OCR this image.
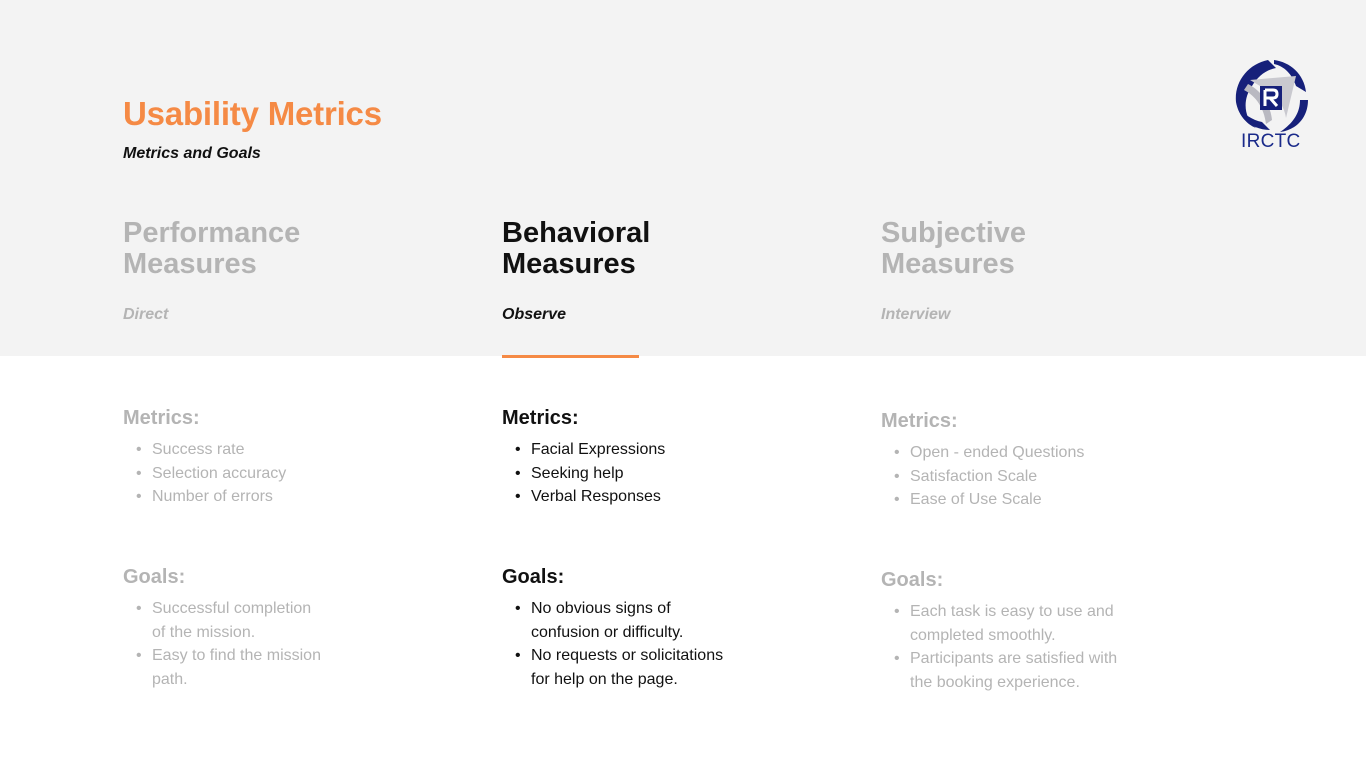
Usability Metrics
Metrics and Goals
IRCTC
Performance
Measures
Direct
Behavioral
Measures
Observe
Subjective
Measures
Interview
Metrics:
• Success rate
• Selection accuracy
• Number of errors
Goals:
• Successful completion
of the mission.
• Easy to find the mission
path.
Metrics:
• Facial Expressions
• Seeking help
• Verbal Responses
Goals:
• No obvious signs of
confusion or difficulty.
• No requests or solicitations
for help on the page.
Metrics:
• Open - ended Questions
• Satisfaction Scale
• Ease of Use Scale
Goals:
• Each task is easy to use and
completed smoothly.
• Participants are satisfied with
the booking experience.
